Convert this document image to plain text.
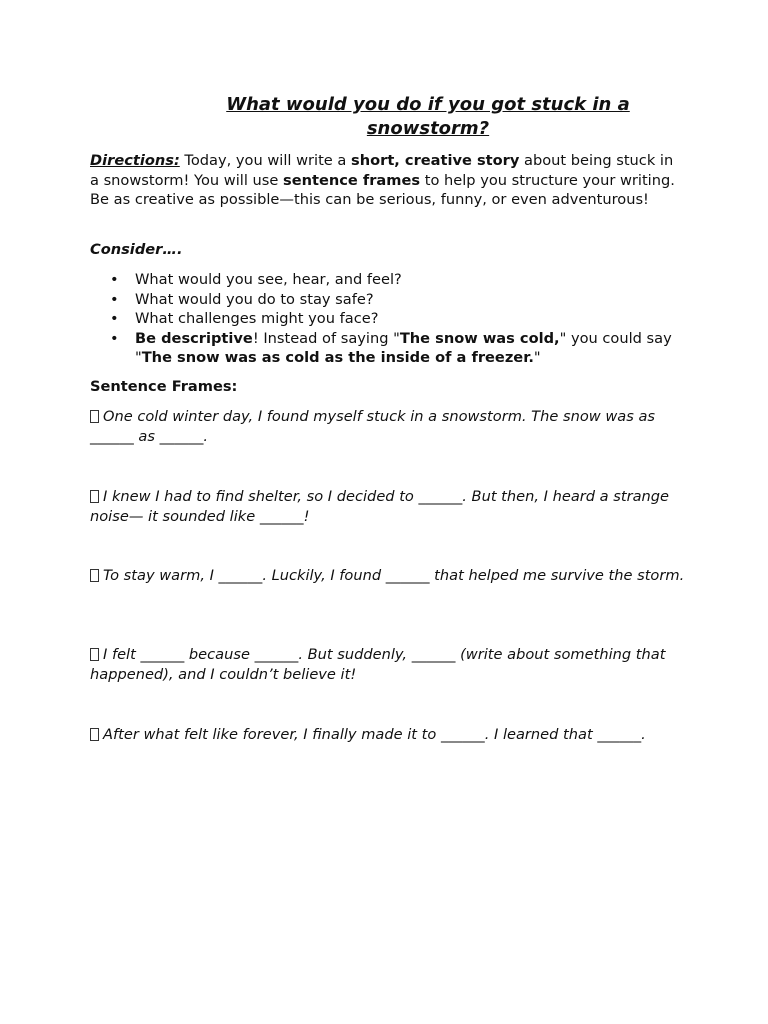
What would you do if you got stuck in a snowstorm?
Directions: Today, you will write a short, creative story about being stuck in a snowstorm! You will use sentence frames to help you structure your writing. Be as creative as possible—this can be serious, funny, or even adventurous!
Consider….
• What would you see, hear, and feel?
• What would you do to stay safe?
• What challenges might you face?
• Be descriptive! Instead of saying "The snow was cold," you could say "The snow was as cold as the inside of a freezer."
Sentence Frames:
One cold winter day, I found myself stuck in a snowstorm. The snow was as ______ as ______.
I knew I had to find shelter, so I decided to ______. But then, I heard a strange noise— it sounded like ______!
To stay warm, I ______. Luckily, I found ______ that helped me survive the storm.
I felt ______ because ______. But suddenly, ______ (write about something that happened), and I couldn’t believe it!
After what felt like forever, I finally made it to ______. I learned that ______.
